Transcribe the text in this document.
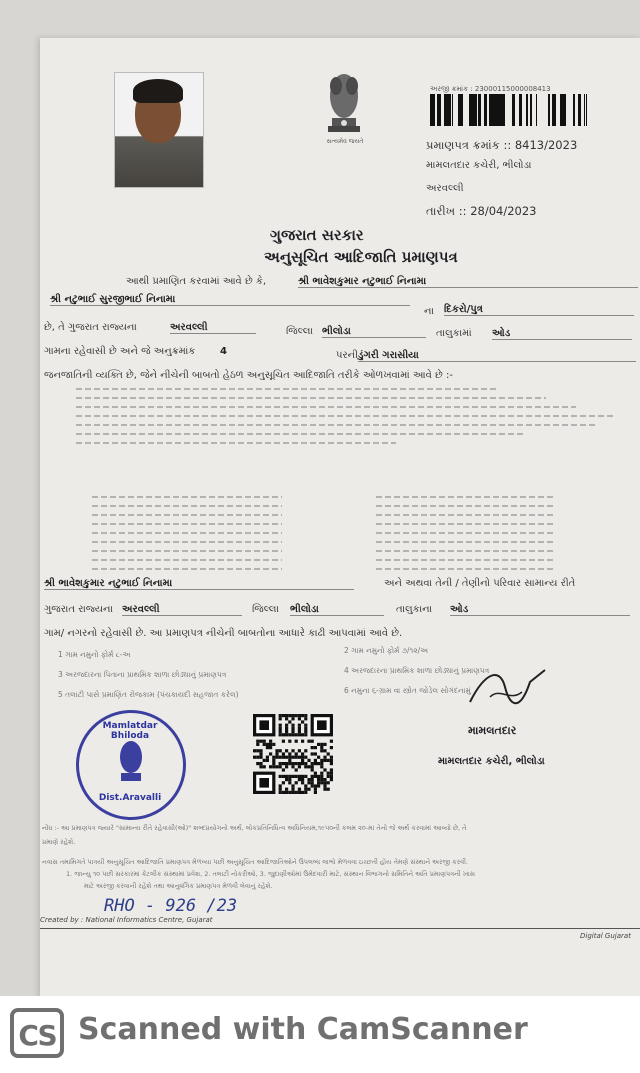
સત્યમેવ જયતે
અરજી ક્રમાંક : 23000115000008413
પ્રમાણપત્ર ક્રમાંક :: 8413/2023
મામલતદાર કચેરી, ભીલોડા
અરવલ્લી
તારીખ :: 28/04/2023
ગુજરાત સરકાર
અનુસૂચિત આદિજાતિ પ્રમાણપત્ર
આથી પ્રમાણિત કરવામાં આવે છે કે,	શ્રી ભાવેશકુમાર નટુભાઈ નિનામા
શ્રી નટુભાઈ સુરજીભાઈ નિનામા
ના દિકરો/પુત્ર
છે, તે ગુજરાત રાજ્યના	અરવલ્લી	જિલ્લા ભીલોડા	તાલુકામાં ઓડ
ગામના રહેવાસી છે અને જે અનુક્રમાંક 4	પરની ડુંગરી ગરાસીયા
જનજાતિની વ્યક્તિ છે, જેને નીચેની બાબતો હેઠળ અનુસૂચિત આદિજાતિ તરીકે ઓળખવામાં આવે છે :-
શ્રી ભાવેશકુમાર નટુભાઈ નિનામા	અને અથવા તેની / તેણીનો પરિવાર સામાન્ય રીતે
ગુજરાત રાજ્યના અરવલ્લી	જિલ્લા ભીલોડા	તાલુકાના ઓડ
ગામ/ નગરનો રહેવાસી છે. આ પ્રમાણપત્ર નીચેની બાબતોના આધારે કાઢી આપવામાં આવે છે.
1 ગામ નમુનો ફોર્મ ૮-અ	2 ગામ નમુનો ફોર્મ ૭/૧૨/અ
3 અરજદારના પિતાના પ્રાથમિક શાળા છોડ્યાનું પ્રમાણપત્ર	4 અરજદારના પ્રાથમિક શાળા છોડ્યાનું પ્રમાણપત્ર
5 તલાટી પાસે પ્રમાણિત રોજકામ (પંચકાયદી સહજાત કરેલ)	6 નમુના ૬-ગ્રામ વા સ્ત્રોત જોડેલ સોગંદનામું
Mamlatdar Bhiloda
Dist.Aravalli
મામલતદાર
મામલતદાર કચેરી, ભીલોડા
નોંધ :- આ પ્રમાણપત્ર જ્યારે "સામાન્ય રીતે રહેવાસી(ઓ)" શબ્દપ્રયોગનો અર્થ, લોકપ્રતિનિધિત્વ અધિનિયમ,૧૯૫૦ની કલમ ૨૦-માં તેનો જે અર્થ કરવામાં આવ્યો છે, તે
પ્રમાણે રહેશે.
નવાસ તમામિગતે પાત્રયી અનુસૂચિત આદિજાતિ પ્રમાણપત્ર મેળવ્યા પછી અનુસૂચિત આદિજાતિઓને ઉપલબ્ધ લાભો મેળવવા ઇચ્છતી હોય તેમણે સંસ્થાને અરજી કરવી.
1. જાન્યુ ૧૦ પછી સરકારમાં કેટલીક સંસ્થામાં પ્રવેશ, 2. તલાટી નોકરીઓ, 3. જુદાણીઓમાં ઉમેદવારી માટે, સંસ્થાન વિભાગનો સમિતિને અતિ પ્રમાણપત્રની ખાસ
માટે અરજી કરવાની રહેશે તથા આનુષંગિક પ્રમાણપત્ર મેળવી લેવાનું રહેશે.
RHO - 926 /23
Created by : National Informatics Centre, Gujarat
Digital Gujarat
CS Scanned with CamScanner
